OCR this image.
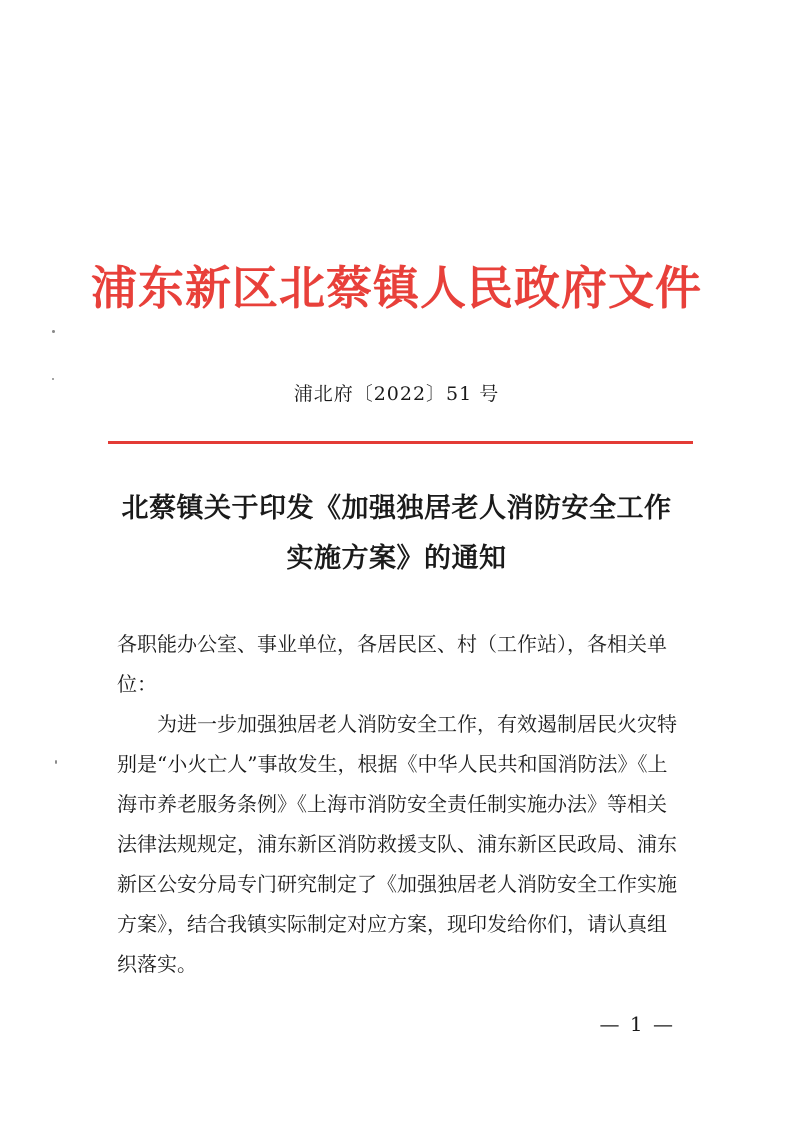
浦东新区北蔡镇人民政府文件
浦北府〔2022〕51 号
北蔡镇关于印发《加强独居老人消防安全工作
实施方案》的通知
各职能办公室、事业单位，各居民区、村（工作站），各相关单
位：
为进一步加强独居老人消防安全工作，有效遏制居民火灾特
别是“小火亡人”事故发生，根据《中华人民共和国消防法》《上
海市养老服务条例》《上海市消防安全责任制实施办法》等相关
法律法规规定，浦东新区消防救援支队、浦东新区民政局、浦东
新区公安分局专门研究制定了《加强独居老人消防安全工作实施
方案》，结合我镇实际制定对应方案，现印发给你们，请认真组
织落实。
— 1 —
